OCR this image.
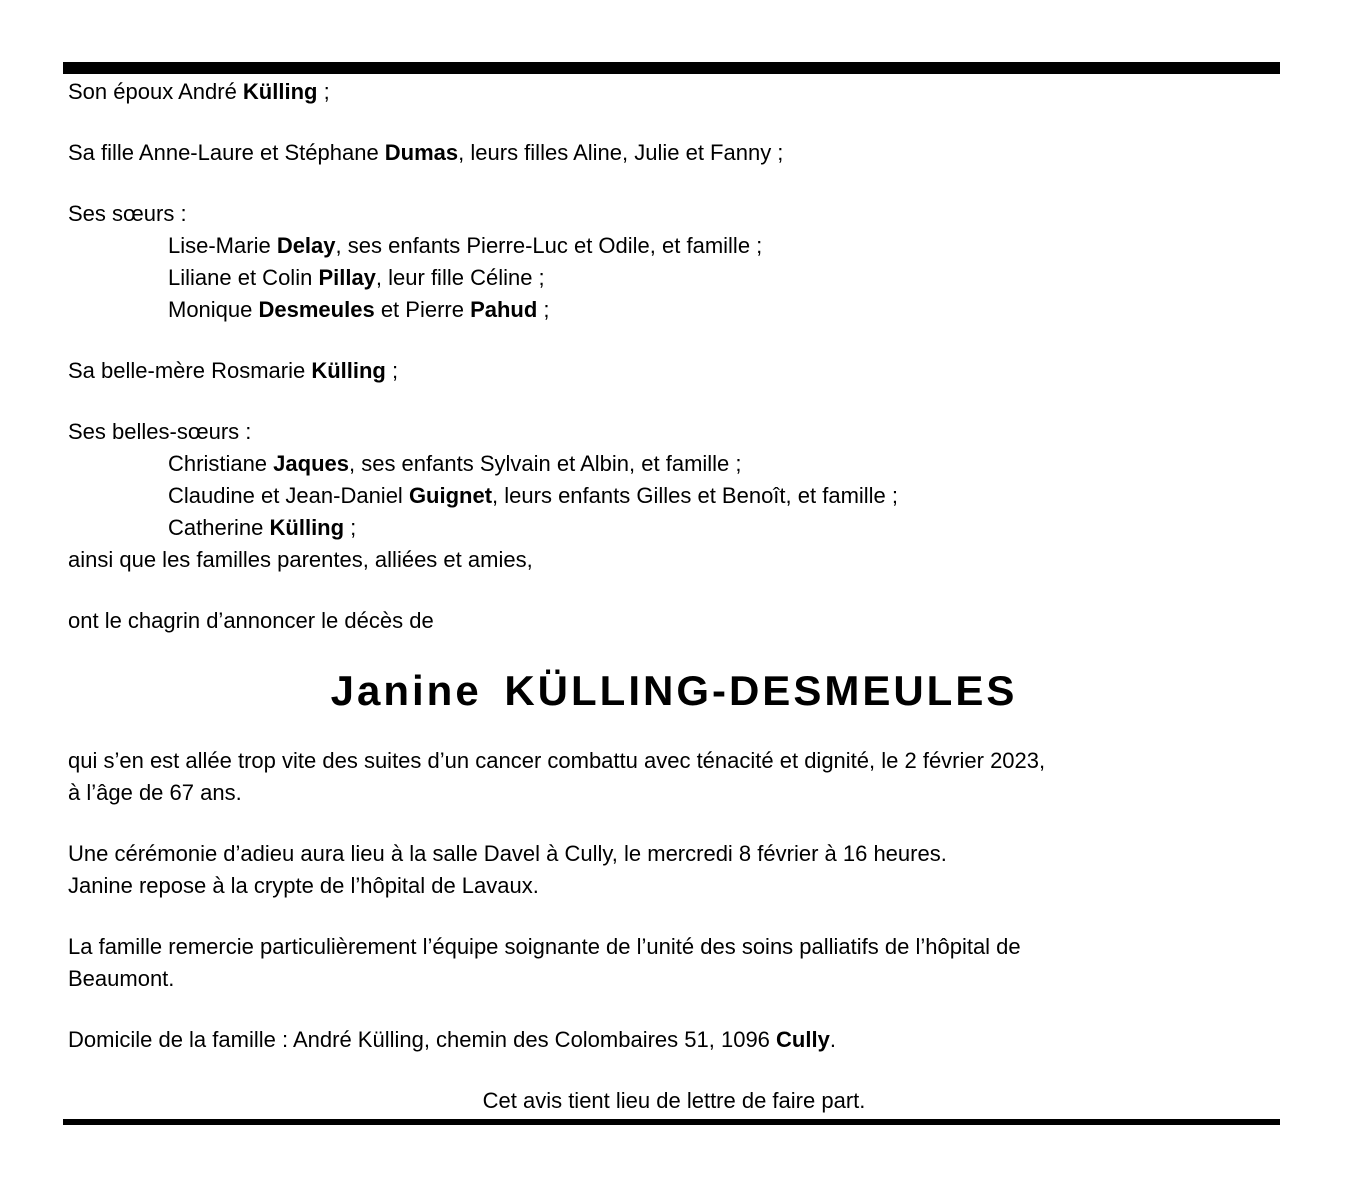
Son époux André Külling ;

Sa fille Anne-Laure et Stéphane Dumas, leurs filles Aline, Julie et Fanny ;

Ses sœurs :

Lise-Marie Delay, ses enfants Pierre-Luc et Odile, et famille ;

Liliane et Colin Pillay, leur fille Céline ;

Monique Desmeules et Pierre Pahud ;

Sa belle-mère Rosmarie Külling ;

Ses belles-sœurs :

Christiane Jaques, ses enfants Sylvain et Albin, et famille ;

Claudine et Jean-Daniel Guignet, leurs enfants Gilles et Benoît, et famille ;

Catherine Külling ;

ainsi que les familles parentes, alliées et amies,

ont le chagrin d’annoncer le décès de

Janine KÜLLING-DESMEULES

qui s’en est allée trop vite des suites d’un cancer combattu avec ténacité et dignité, le 2 février 2023,

à l’âge de 67 ans.

Une cérémonie d’adieu aura lieu à la salle Davel à Cully, le mercredi 8 février à 16 heures.

Janine repose à la crypte de l’hôpital de Lavaux.

La famille remercie particulièrement l’équipe soignante de l’unité des soins palliatifs de l’hôpital de

Beaumont.

Domicile de la famille : André Külling, chemin des Colombaires 51, 1096 Cully.

Cet avis tient lieu de lettre de faire part.
